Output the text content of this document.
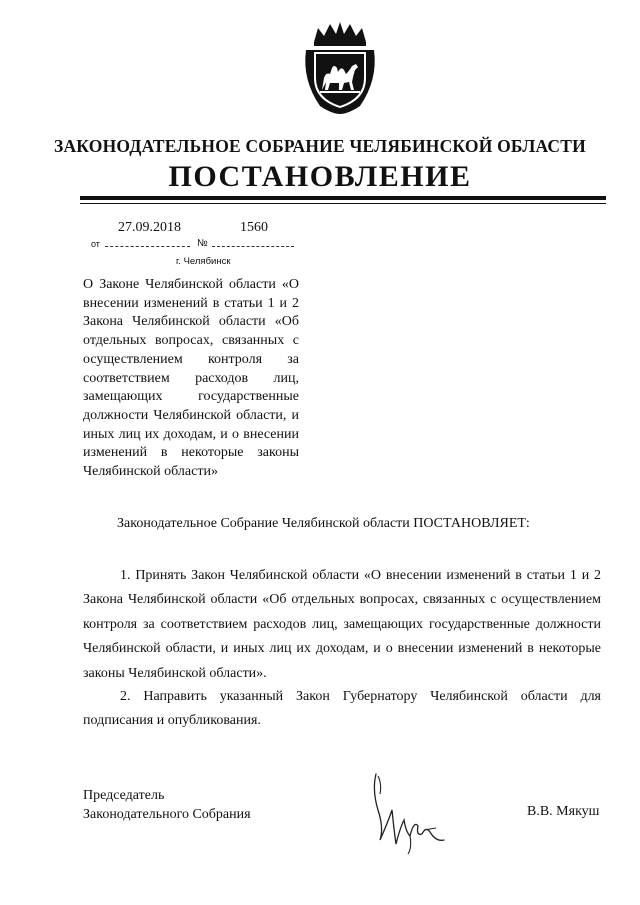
ЗАКОНОДАТЕЛЬНОЕ СОБРАНИЕ ЧЕЛЯБИНСКОЙ ОБЛАСТИ
ПОСТАНОВЛЕНИЕ
27.09.2018	1560
от	№
г. Челябинск
О Законе Челябинской области «О внесении изменений в статьи 1 и 2 Закона Челябинской области «Об отдельных вопросах, связанных с осуществлением контроля за соответствием расходов лиц, замещающих государственные должности Челябинской области, и иных лиц их доходам, и о внесении изменений в некоторые законы Челябинской области»
Законодательное Собрание Челябинской области ПОСТАНОВЛЯЕТ:
1. Принять Закон Челябинской области «О внесении изменений в статьи 1 и 2 Закона Челябинской области «Об отдельных вопросах, связанных с осуществлением контроля за соответствием расходов лиц, замещающих государственные должности Челябинской области, и иных лиц их доходам, и о внесении изменений в некоторые законы Челябинской области».
2. Направить указанный Закон Губернатору Челябинской области для подписания и опубликования.
Председатель
Законодательного Собрания	В.В. Мякуш
